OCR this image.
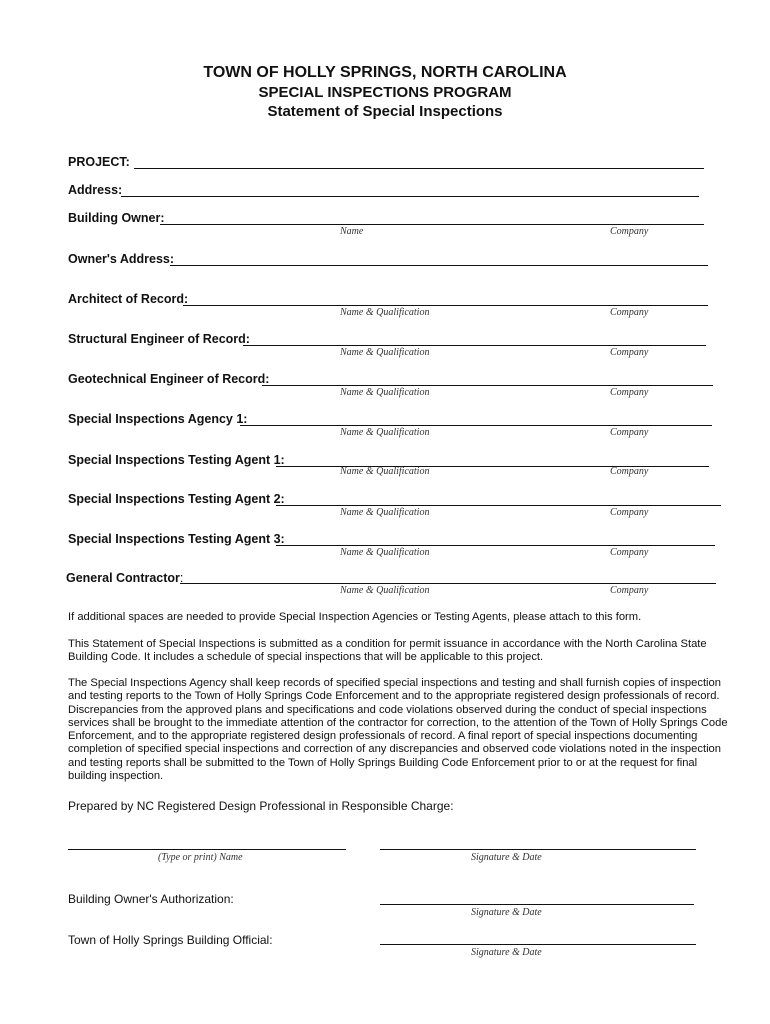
TOWN OF HOLLY SPRINGS, NORTH CAROLINA
SPECIAL INSPECTIONS PROGRAM
Statement of Special Inspections
PROJECT:
Address:
Building Owner:
Name	Company
Owner's Address:
Architect of Record:
Name & Qualification	Company
Structural Engineer of Record:
Name & Qualification	Company
Geotechnical Engineer of Record:
Name & Qualification	Company
Special Inspections Agency 1:
Name & Qualification	Company
Special Inspections Testing Agent 1:
Name & Qualification	Company
Special Inspections Testing Agent 2:
Name & Qualification	Company
Special Inspections Testing Agent 3:
Name & Qualification	Company
General Contractor:
Name & Qualification	Company
If additional spaces are needed to provide Special Inspection Agencies or Testing Agents, please attach to this form.
This Statement of Special Inspections is submitted as a condition for permit issuance in accordance with the North Carolina State Building Code. It includes a schedule of special inspections that will be applicable to this project.
The Special Inspections Agency shall keep records of specified special inspections and testing and shall furnish copies of inspection and testing reports to the Town of Holly Springs Code Enforcement and to the appropriate registered design professionals of record. Discrepancies from the approved plans and specifications and code violations observed during the conduct of special inspections services shall be brought to the immediate attention of the contractor for correction, to the attention of the Town of Holly Springs Code Enforcement, and to the appropriate registered design professionals of record. A final report of special inspections documenting completion of specified special inspections and correction of any discrepancies and observed code violations noted in the inspection and testing reports shall be submitted to the Town of Holly Springs Building Code Enforcement prior to or at the request for final building inspection.
Prepared by NC Registered Design Professional in Responsible Charge:
(Type or print) Name	Signature & Date
Building Owner's Authorization:
Signature & Date
Town of Holly Springs Building Official:
Signature & Date
